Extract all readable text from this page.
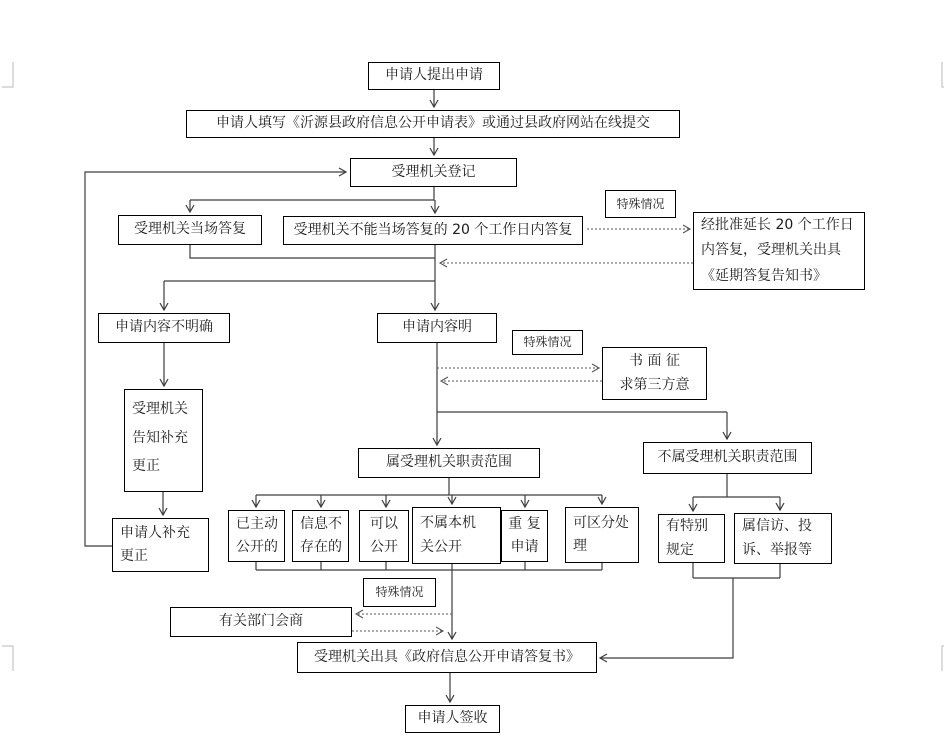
申请人提出申请
申请人填写《沂源县政府信息公开申请表》或通过县政府网站在线提交
受理机关登记
受理机关当场答复	受理机关不能当场答复的 20 个工作日内答复
特殊情况
经批准延长 20 个工作日
内答复，受理机关出具
《延期答复告知书》
申请内容不明确	申请内容明
特殊情况
书 面 征
求第三方意
受理机关
告知补充
更正
申请人补充
更正
属受理机关职责范围	不属受理机关职责范围
已主动
公开的
信息不
存在的
可以
公开
不属本机
关公开
重 复
申请
可区分处
理
有特别
规定
属信访、投
诉、举报等
特殊情况
有关部门会商
受理机关出具《政府信息公开申请答复书》
申请人签收
